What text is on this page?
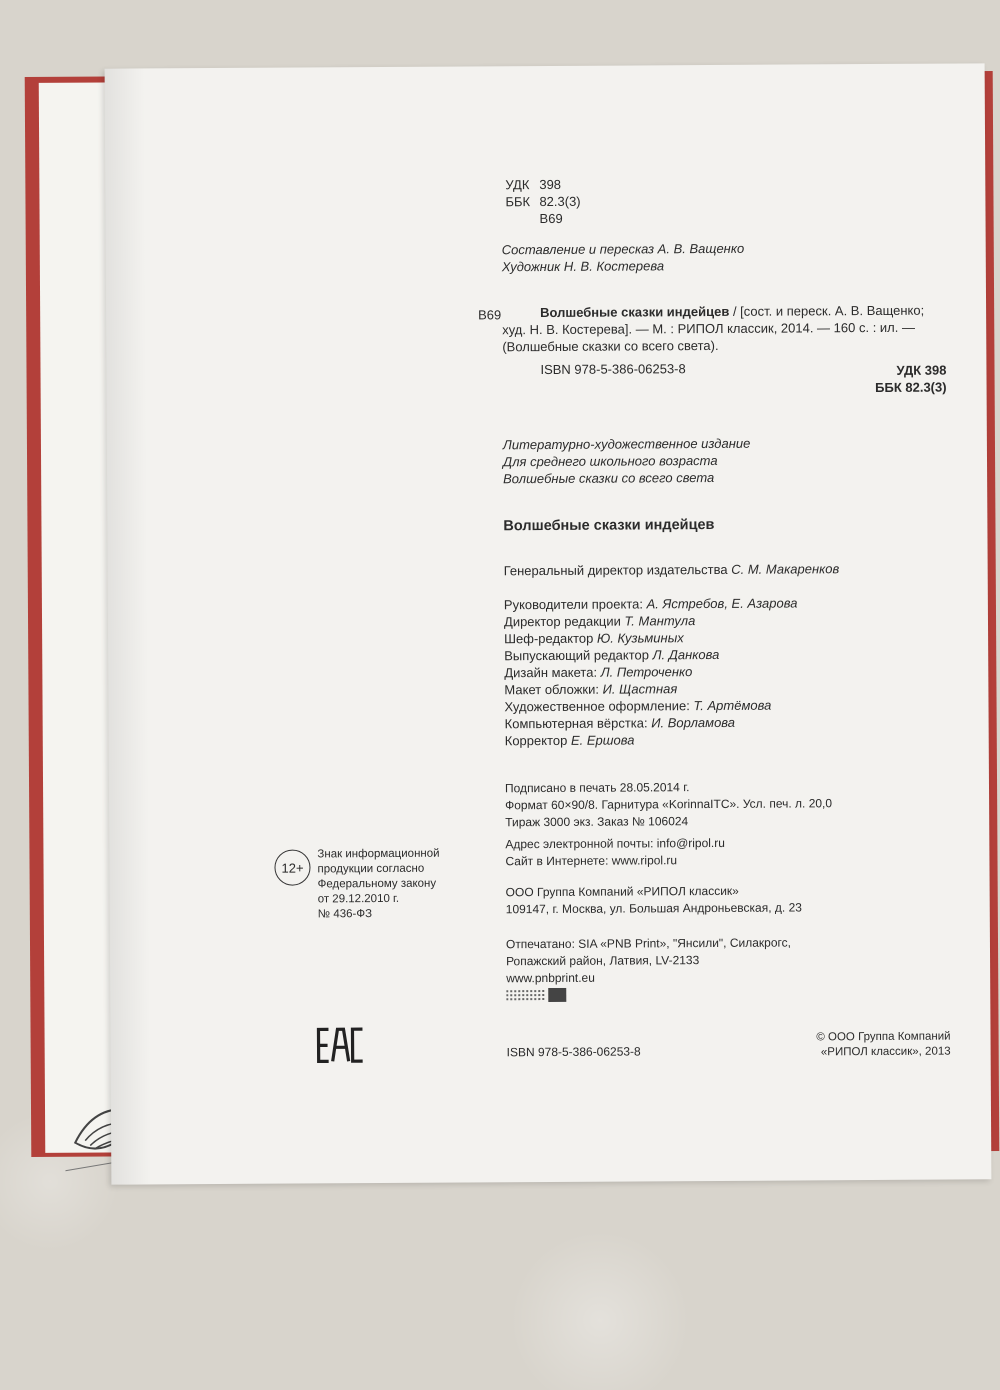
УДК 398
ББК 82.3(3)
В69
Составление и пересказ А. В. Ващенко
Художник Н. В. Костерева
В69	Волшебные сказки индейцев / [сост. и переск. А. В. Ващенко;
худ. Н. В. Костерева]. — М. : РИПОЛ классик, 2014. — 160 с. : ил. —
(Волшебные сказки со всего света).
ISBN 978-5-386-06253-8	УДК 398
ББК 82.3(3)
Литературно-художественное издание
Для среднего школьного возраста
Волшебные сказки со всего света
Волшебные сказки индейцев
Генеральный директор издательства С. М. Макаренков
Руководители проекта: А. Ястребов, Е. Азарова
Директор редакции Т. Мантула
Шеф-редактор Ю. Кузьминых
Выпускающий редактор Л. Данкова
Дизайн макета: Л. Петроченко
Макет обложки: И. Щастная
Художественное оформление: Т. Артёмова
Компьютерная вёрстка: И. Ворламова
Корректор Е. Ершова
Подписано в печать 28.05.2014 г.
Формат 60×90/8. Гарнитура «KorinnaITC». Усл. печ. л. 20,0
Тираж 3000 экз. Заказ № 106024
Адрес электронной почты: info@ripol.ru
Сайт в Интернете: www.ripol.ru
ООО Группа Компаний «РИПОЛ классик»
109147, г. Москва, ул. Большая Андроньевская, д. 23
Отпечатано: SIA «PNB Print», "Янсили", Силакрогс,
Ропажский район, Латвия, LV-2133
www.pnbprint.eu
12+
Знак информационной
продукции согласно
Федеральному закону
от 29.12.2010 г.
№ 436-ФЗ
ISBN 978-5-386-06253-8
© ООО Группа Компаний
«РИПОЛ классик», 2013
